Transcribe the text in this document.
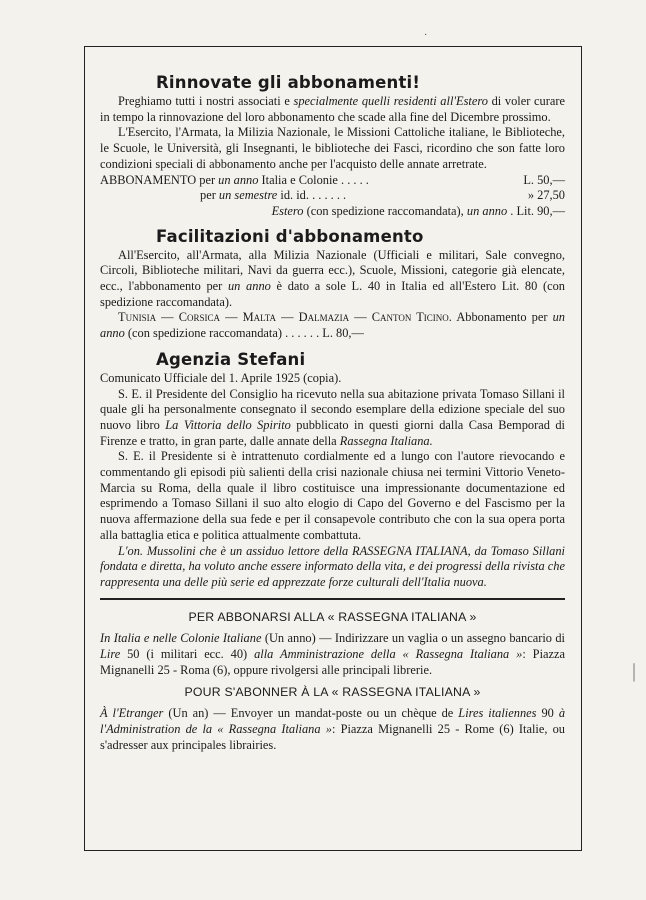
·
|
Rinnovate gli abbonamenti!

Preghiamo tutti i nostri associati e specialmente quelli residenti all'Estero di voler curare in tempo la rinnovazione del loro abbonamento che scade alla fine del Dicembre prossimo.

L'Esercito, l'Armata, la Milizia Nazionale, le Missioni Cattoliche italiane, le Biblioteche, le Scuole, le Università, gli Insegnanti, le biblioteche dei Fasci, ricordino che son fatte loro condizioni speciali di abbonamento anche per l'acquisto delle annate arretrate.

ABBONAMENTO per un anno Italia e Colonie . . . . .	L. 50,—
per un semestre id. id. . . . . . .	» 27,50

Estero (con spedizione raccomandata), un anno . Lit. 90,—

Facilitazioni d'abbonamento

All'Esercito, all'Armata, alla Milizia Nazionale (Ufficiali e militari, Sale convegno, Circoli, Biblioteche militari, Navi da guerra ecc.), Scuole, Missioni, categorie già elencate, ecc., l'abbonamento per un anno è dato a sole L. 40 in Italia ed all'Estero Lit. 80 (con spedizione raccomandata).

Tunisia — Corsica — Malta — Dalmazia — Canton Ticino. Abbonamento per un anno (con spedizione raccomandata) . . . . . . L. 80,—

Agenzia Stefani

Comunicato Ufficiale del 1. Aprile 1925 (copia).

S. E. il Presidente del Consiglio ha ricevuto nella sua abitazione privata Tomaso Sillani il quale gli ha personalmente consegnato il secondo esemplare della edizione speciale del suo nuovo libro La Vittoria dello Spirito pubblicato in questi giorni dalla Casa Bemporad di Firenze e tratto, in gran parte, dalle annate della Rassegna Italiana.

S. E. il Presidente si è intrattenuto cordialmente ed a lungo con l'autore rievocando e commentando gli episodi più salienti della crisi nazionale chiusa nei termini Vittorio Veneto-Marcia su Roma, della quale il libro costituisce una impressionante documentazione ed esprimendo a Tomaso Sillani il suo alto elogio di Capo del Governo e del Fascismo per la nuova affermazione della sua fede e per il consapevole contributo che con la sua opera porta alla battaglia etica e politica attualmente combattuta.

L'on. Mussolini che è un assiduo lettore della RASSEGNA ITALIANA, da Tomaso Sillani fondata e diretta, ha voluto anche essere informato della vita, e dei progressi della rivista che rappresenta una delle più serie ed apprezzate forze culturali dell'Italia nuova.

PER ABBONARSI ALLA « RASSEGNA ITALIANA »

In Italia e nelle Colonie Italiane (Un anno) — Indirizzare un vaglia o un assegno bancario di Lire 50 (i militari ecc. 40) alla Amministrazione della « Rassegna Italiana »: Piazza Mignanelli 25 - Roma (6), oppure rivolgersi alle principali librerie.

POUR S'ABONNER À LA « RASSEGNA ITALIANA »

À l'Etranger (Un an) — Envoyer un mandat-poste ou un chèque de Lires italiennes 90 à l'Administration de la « Rassegna Italiana »: Piazza Mignanelli 25 - Rome (6) Italie, ou s'adresser aux principales librairies.
